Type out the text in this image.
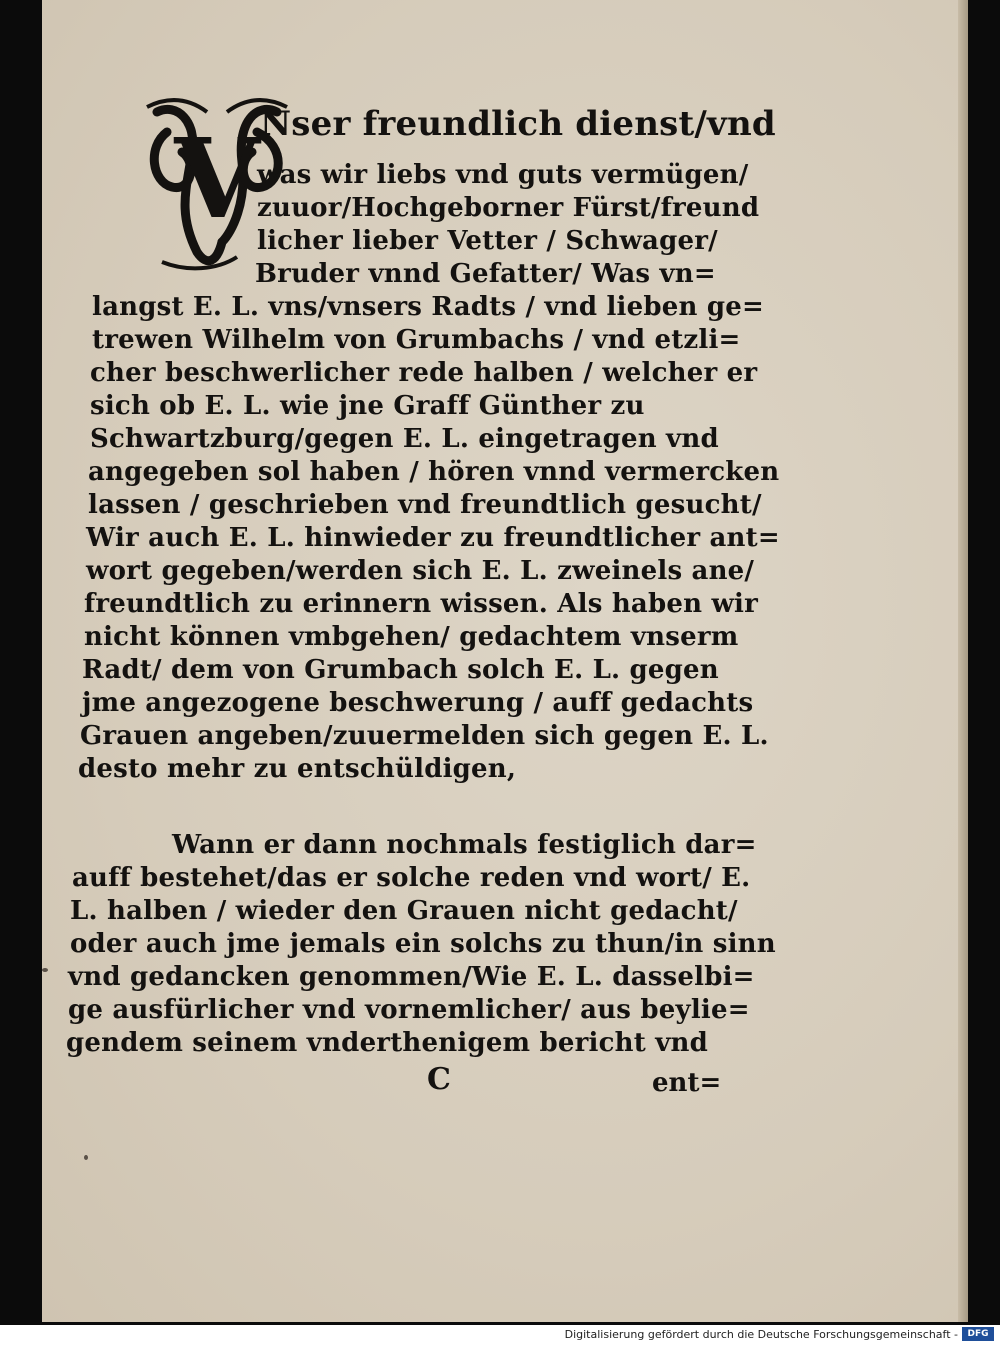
V Nser freundlich dienst/vnd
was wir liebs vnd guts vermügen/
zuuor/Hochgeborner Fürst/freund
licher lieber Vetter / Schwager/
Bruder vnnd Gefatter/ Was vn=
langst E. L. vns/vnsers Radts / vnd lieben ge=
trewen Wilhelm von Grumbachs / vnd etzli=
cher beschwerlicher rede halben / welcher er
sich ob E. L. wie jne Graff Günther zu
Schwartzburg/gegen E. L. eingetragen vnd
angegeben sol haben / hören vnnd vermercken
lassen / geschrieben vnd freundtlich gesucht/
Wir auch E. L. hinwieder zu freundtlicher ant=
wort gegeben/werden sich E. L. zweinels ane/
freundtlich zu erinnern wissen. Als haben wir
nicht können vmbgehen/ gedachtem vnserm
Radt/ dem von Grumbach solch E. L. gegen
jme angezogene beschwerung / auff gedachts
Grauen angeben/zuuermelden sich gegen E. L.
desto mehr zu entschüldigen,
Wann er dann nochmals festiglich dar=
auff bestehet/das er solche reden vnd wort/ E.
L. halben / wieder den Grauen nicht gedacht/
oder auch jme jemals ein solchs zu thun/in sinn
vnd gedancken genommen/Wie E. L. dasselbi=
ge ausfürlicher vnd vornemlicher/ aus beylie=
gendem seinem vnderthenigem bericht vnd
C	ent=
Digitalisierung gefördert durch die Deutsche Forschungsgemeinschaft -	DFG
